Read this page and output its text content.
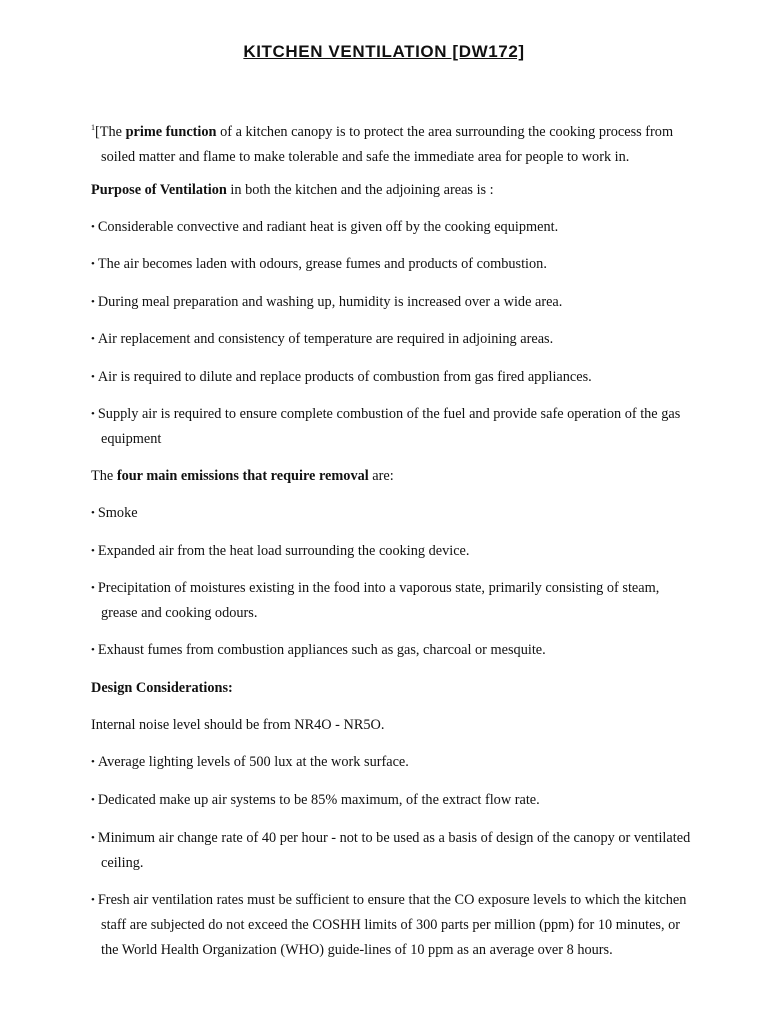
KITCHEN VENTILATION [DW172]
$^1$[The prime function of a kitchen canopy is to protect the area surrounding the cooking process from
soiled matter and flame to make tolerable and safe the immediate area for people to work in.
Purpose of Ventilation in both the kitchen and the adjoining areas is :
• Considerable convective and radiant heat is given off by the cooking equipment.
• The air becomes laden with odours, grease fumes and products of combustion.
• During meal preparation and washing up, humidity is increased over a wide area.
• Air replacement and consistency of temperature are required in adjoining areas.
• Air is required to dilute and replace products of combustion from gas fired appliances.
• Supply air is required to ensure complete combustion of the fuel and provide safe operation of the gas
equipment
The four main emissions that require removal are:
• Smoke
• Expanded air from the heat load surrounding the cooking device.
• Precipitation of moistures existing in the food into a vaporous state, primarily consisting of steam,
grease and cooking odours.
• Exhaust fumes from combustion appliances such as gas, charcoal or mesquite.
Design Considerations:
Internal noise level should be from NR4O - NR5O.
• Average lighting levels of 500 lux at the work surface.
• Dedicated make up air systems to be 85% maximum, of the extract flow rate.
• Minimum air change rate of 40 per hour - not to be used as a basis of design of the canopy or ventilated
ceiling.
• Fresh air ventilation rates must be sufficient to ensure that the CO exposure levels to which the kitchen
staff are subjected do not exceed the COSHH limits of 300 parts per million (ppm) for 10 minutes, or
the World Health Organization (WHO) guide-lines of 10 ppm as an average over 8 hours.
